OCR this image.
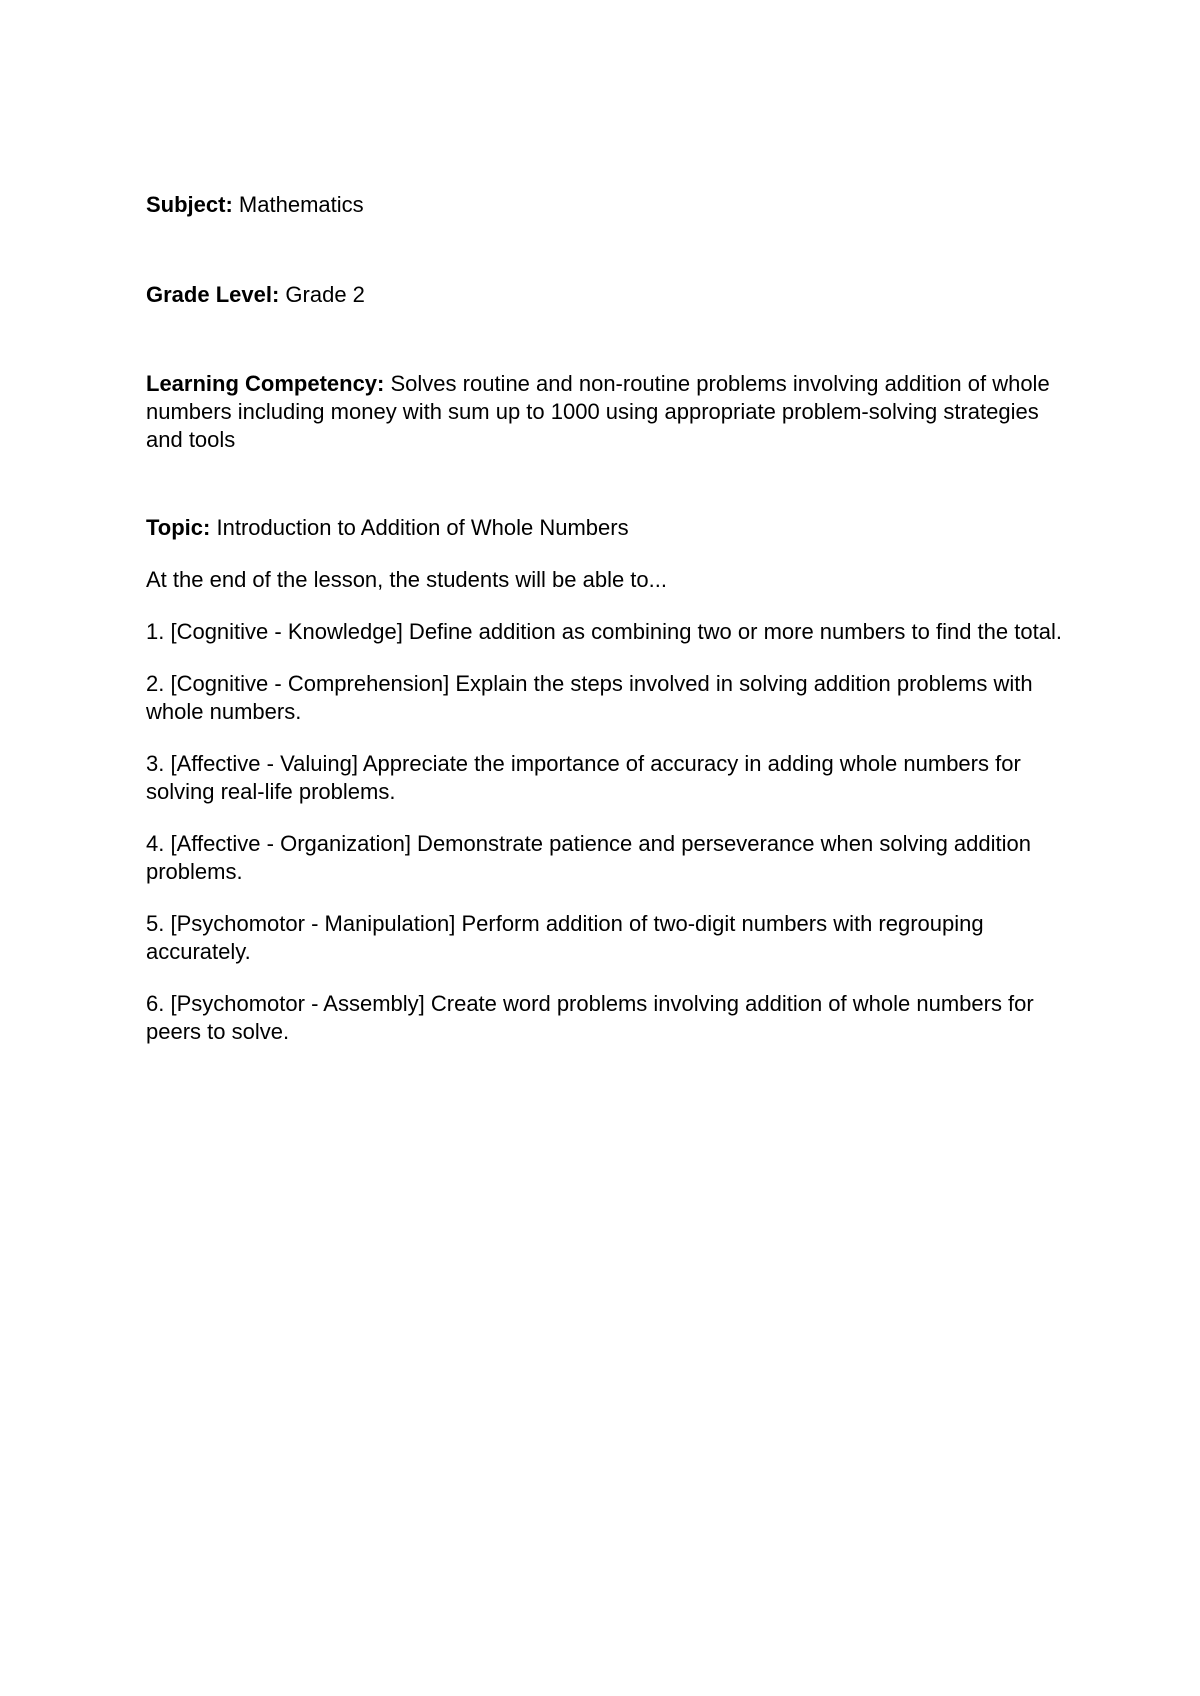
Subject: Mathematics

Grade Level: Grade 2

Learning Competency: Solves routine and non-routine problems involving addition of whole numbers including money with sum up to 1000 using appropriate problem-solving strategies and tools

Topic: Introduction to Addition of Whole Numbers

At the end of the lesson, the students will be able to...

1. [Cognitive - Knowledge] Define addition as combining two or more numbers to find the total.
2. [Cognitive - Comprehension] Explain the steps involved in solving addition problems with whole numbers.
3. [Affective - Valuing] Appreciate the importance of accuracy in adding whole numbers for solving real-life problems.
4. [Affective - Organization] Demonstrate patience and perseverance when solving addition problems.
5. [Psychomotor - Manipulation] Perform addition of two-digit numbers with regrouping accurately.
6. [Psychomotor - Assembly] Create word problems involving addition of whole numbers for peers to solve.
